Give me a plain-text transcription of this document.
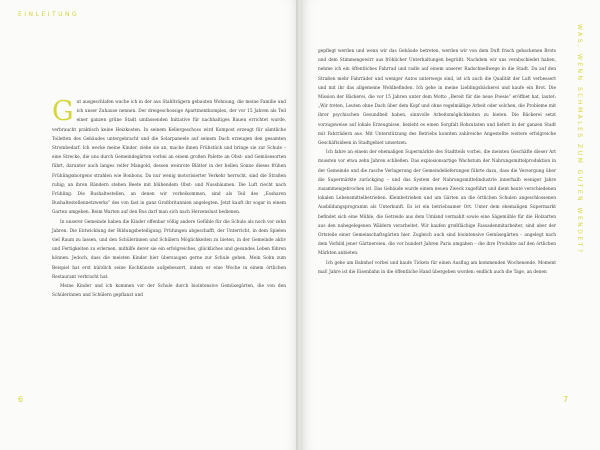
EINLEITUNG

Gut ausgeschlafen wache ich in der aus Stahlträgern gebauten Wohnung, die meine Familie und ich unser Zuhause nennen. Der dreigeschossige Apartmentkomplex, der vor 15 Jahren als Teil einer ganzen grüne Stadt umfassenden Initiative für nachhaltiges Bauen errichtet wurde, verbraucht praktisch keine Heizkosten. In seinem Kellergeschoss wird Kompost erzeugt für sämtliche Toiletten des Gebäudes untergebracht und die Solarpaneele auf seinem Dach erzeugen den gesamten Strombedarf. Ich wecke meine Kinder, ziehe sie an, mache ihnen Frühstück und bringe sie zur Schule – eine Strecke, die uns durch Gemeindegärten vorbei an einem großen Palette an Obst- und Gemüsesorten führt, darunter auch langes reifer Mangold, dessen weinrote Blätter in der hellen Sonne dieses frühen Frühlingsmorgens strahlen wie Bonbons. Da nur wenig motorisierter Verkehr herrscht, sind die Straßen ruhig; an ihren Rändern stehen Beete mit blühendem Obst- und Nussbäumen. Die Luft riecht nach Frühling. Die Bushaltestellen, an denen wir vorbeikommen, sind als Teil des „Essbaren Bushaltestellennetzwerks“ des von fast in ganz Großbritannien angelegten. Jetzt kauft ihr sogar in einem Garten umgeben. Beim Warten auf den Bus darf man sich nach Herzenslust bedienen.

In unserer Gemeinde haben die Kinder offenbar völlig andere Gefühle für die Schule als noch vor zehn Jahren. Die Entwicklung der Bildungsbeteiligung. Prüfungen abgeschafft, der Unterricht, in dem Spielen viel Raum zu lassen, und den Schülerinnen und Schülern Möglichkeiten zu bieten, in der Gemeinde aktiv und Fertigkeiten zu erlernen, mithilfe derer sie ein erfolgreiches, glückliches und gesundes Leben führen können. Jedoch, dass die meisten Kinder hier übersaugen gerne zur Schule gehen. Mein Sohn zum Beispiel hat erst kürzlich seine Kochkünste aufgebessert, indem er eine Woche in einem örtlichen Restaurant verbracht hat.

Meine Kinder und ich kommen vor der Schule durch biointensive Gemüsegärten, die von den Schülerinnen und Schülern gepflanzt und

6

gepflegt werden und wenn wir das Gebäude betreten, werden wir von dem Duft frisch gebackenen Brots und dem Stimmengewirr aus fröhlicher Unterhaltungen begrüßt. Nachdem wir uns verabschiedet haben, nehme ich ein öffentliches Fahrrad und radle auf einem unserer Radschnellwege in die Stadt. Da auf den Straßen mehr Fahrräder und weniger Autos unterwegs sind, ist ich auch die Qualität der Luft verbessert und mit ihr das allgemeine Wohlbefinden. Ich gehe in meine Lieblingsbäckerei und kaufe ein Brot. Die Mission der Bäckerei, die vor 15 Jahren unter dem Motto „Bereit für die neue Poesie“ eröffnet hat, lautet: „Wir treten, Leuten ohne Dach über dem Kopf und ohne regelmäßige Arbeit oder solchen, die Probleme mit ihrer psychischen Gesundheit haben, sinnvolle Arbeitsmöglichkeiten zu bieten. Die Bäckerei setzt vorzugsweise auf lokale Erzeugnisse, bezieht es einen Sorgfalt Rohzutaten und liefert in der ganzen Stadt mit Fahrrädern aus. Mit Unterstützung des Betriebs konnten zahlreiche Angestellte weitere erfolgreiche Geschäftsideen in Stadtgebiet umsetzen.

Ich fahre an einem der ehemaligen Supermärkte des Stadtteils vorbei, die meisten Geschäfte dieser Art mussten vor etwa zehn Jahren schließen. Das explosionsartige Wachstum der Nahrungsmittelproduktion in der Gemeinde und die rasche Verlagerung der Gemeindelieferungen führte dazu, dass die Versorgung über die Supermärkte zurückging – und das System der Nahrungsmittelindustrie innerhalb weniger Jahre zusammengebrochen ist. Das Gebäude wurde einem neuen Zweck zugeführt und dient heute verschiedenen lokalen Lebensmittelbetrieben. Kleinbetrieben und um Gärten an die örtlichen Schulen angeschlossenen Ausbildungsprogramm als Unterkunft. Es ist ein betriebsamer Ort. Unter dem ehemaligen Supermarkt befindet sich eine Mühle, die Getreide aus dem Umland vermahlt sowie eine Sägemühle für die Holzarten aus den nahegelegenen Wäldern verarbeitet. Wir kaufen großflächige Fassadenmitarbeiter, sind aber der Ortsteile einer Gemeinschaftsgärten hier. Zugleich auch sind biointensive Gemüsegärten – angelegt nach dem Vorbild jener Gärtnereien, die vor hundert Jahren Paris umgaben – die ihre Produkte auf den örtlichen Märkten anbieten.

Ich gehe am Bahnhof vorbei und kaufe Tickets für einen Ausflug am kommenden Wochenende. Moment mal! Jahre ist die Eisenbahn in die öffentliche Hand übergeben worden: endlich auch die Tage, an denen

WAS, WENN SCHMALES ZUM GUTEN WENDET?
7
